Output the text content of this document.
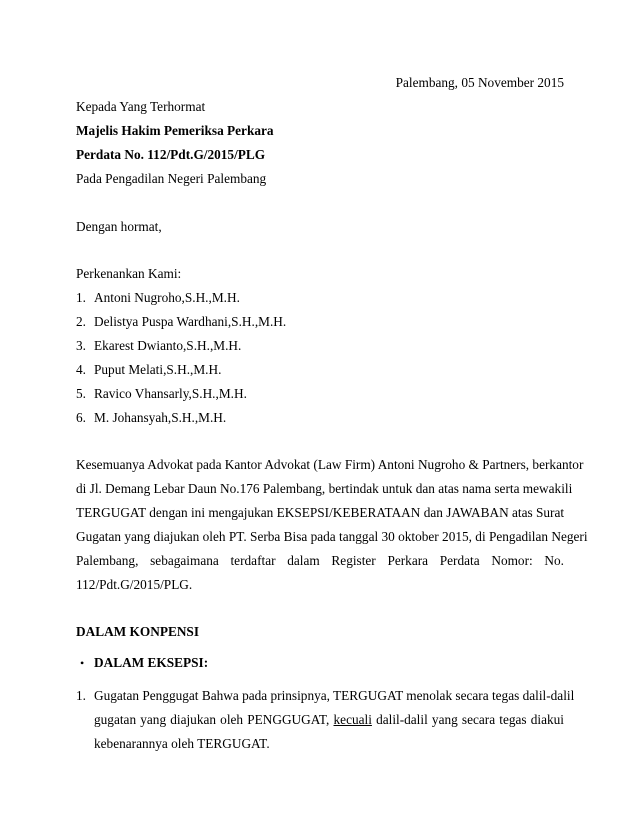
Palembang, 05 November 2015
Kepada Yang Terhormat
Majelis Hakim Pemeriksa Perkara
Perdata No. 112/Pdt.G/2015/PLG
Pada Pengadilan Negeri Palembang
Dengan hormat,
Perkenankan Kami:
1. Antoni Nugroho,S.H.,M.H.
2. Delistya Puspa Wardhani,S.H.,M.H.
3. Ekarest Dwianto,S.H.,M.H.
4. Puput Melati,S.H.,M.H.
5. Ravico Vhansarly,S.H.,M.H.
6. M. Johansyah,S.H.,M.H.
Kesemuanya Advokat pada Kantor Advokat (Law Firm) Antoni Nugroho & Partners, berkantor
di Jl. Demang Lebar Daun No.176 Palembang, bertindak untuk dan atas nama serta mewakili
TERGUGAT dengan ini mengajukan EKSEPSI/KEBERATAAN dan JAWABAN atas Surat
Gugatan yang diajukan oleh PT. Serba Bisa pada tanggal 30 oktober 2015, di Pengadilan Negeri
Palembang, sebagaimana terdaftar dalam Register Perkara Perdata Nomor: No.
112/Pdt.G/2015/PLG.
DALAM KONPENSI
• DALAM EKSEPSI:
1. Gugatan Penggugat Bahwa pada prinsipnya, TERGUGAT menolak secara tegas dalil-dalil
gugatan yang diajukan oleh PENGGUGAT, kecuali dalil-dalil yang secara tegas diakui
kebenarannya oleh TERGUGAT.
